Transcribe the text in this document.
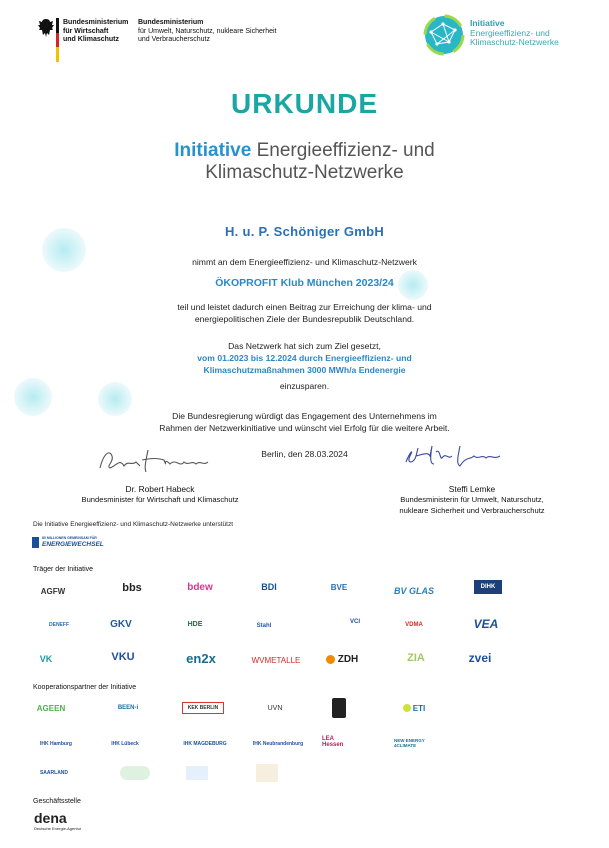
Bundesministerium
für Wirtschaft
und Klimaschutz
Bundesministerium
für Umwelt, Naturschutz, nukleare Sicherheit
und Verbraucherschutz
Initiative
Energieeffizienz- und
Klimaschutz-Netzwerke
URKUNDE
Initiative Energieeffizienz- und
Klimaschutz-Netzwerke
H. u. P. Schöniger GmbH
nimmt an dem Energieeffizienz- und Klimaschutz-Netzwerk
ÖKOPROFIT Klub München 2023/24
teil und leistet dadurch einen Beitrag zur Erreichung der klima- und
energiepolitischen Ziele der Bundesrepublik Deutschland.
Das Netzwerk hat sich zum Ziel gesetzt,
vom 01.2023 bis 12.2024 durch Energieeffizienz- und
Klimaschutzmaßnahmen 3000 MWh/a Endenergie
einzusparen.
Die Bundesregierung würdigt das Engagement des Unternehmens im
Rahmen der Netzwerkinitiative und wünscht viel Erfolg für die weitere Arbeit.
Berlin, den 28.03.2024
Dr. Robert Habeck
Bundesminister für Wirtschaft und Klimaschutz
Steffi Lemke
Bundesministerin für Umwelt, Naturschutz,
nukleare Sicherheit und Verbraucherschutz
Die Initiative Energieeffizienz- und Klimaschutz-Netzwerke unterstützt
80 MILLIONEN GEMEINSAM FÜR
ENERGIEWECHSEL
Träger der Initiative
AGFW	bbs	bdew	BDI	BVE	BV GLAS	DIHK
DENEFF	GKV	HDE	Stahl
VCI	VDMA	VEA
VK	VKU	en2x	WVMETALLE	ZDH	ZIA	zvei
Kooperationspartner der Initiative
AGEEN	BEEN-i	KEK BERLIN	UVN	ETI
IHK Hamburg	IHK Lübeck	IHK MAGDEBURG	IHK Neubrandenburg
LEA Hessen
NEW ENERGY 4CLIMATE
SAARLAND
Geschäftsstelle
dena
Deutsche Energie-Agentur
